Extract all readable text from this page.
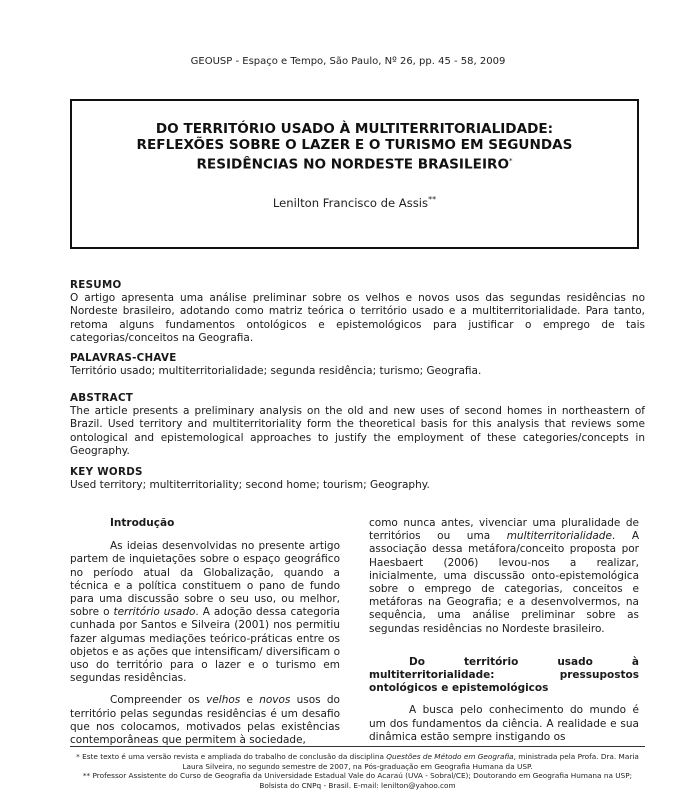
GEOUSP - Espaço e Tempo, São Paulo, Nº 26, pp. 45 - 58, 2009
DO TERRITÓRIO USADO À MULTITERRITORIALIDADE:
REFLEXÕES SOBRE O LAZER E O TURISMO EM SEGUNDAS
RESIDÊNCIAS NO NORDESTE BRASILEIRO*
Lenilton Francisco de Assis**
RESUMO
O artigo apresenta uma análise preliminar sobre os velhos e novos usos das segundas residências no Nordeste brasileiro, adotando como matriz teórica o território usado e a multiterritorialidade. Para tanto, retoma alguns fundamentos ontológicos e epistemológicos para justificar o emprego de tais categorias/conceitos na Geografia.
PALAVRAS-CHAVE
Território usado; multiterritorialidade; segunda residência; turismo; Geografia.
ABSTRACT
The article presents a preliminary analysis on the old and new uses of second homes in northeastern of Brazil. Used territory and multiterritoriality form the theoretical basis for this analysis that reviews some ontological and epistemological approaches to justify the employment of these categories/concepts in Geography.
KEY WORDS
Used territory; multiterritoriality; second home; tourism; Geography.
Introdução

As ideias desenvolvidas no presente artigo partem de inquietações sobre o espaço geográfico no período atual da Globalização, quando a técnica e a política constituem o pano de fundo para uma discussão sobre o seu uso, ou melhor, sobre o território usado. A adoção dessa categoria cunhada por Santos e Silveira (2001) nos permitiu fazer algumas mediações teórico-práticas entre os objetos e as ações que intensificam/ diversificam o uso do território para o lazer e o turismo em segundas residências.

Compreender os velhos e novos usos do território pelas segundas residências é um desafio que nos colocamos, motivados pelas existências contemporâneas que permitem à sociedade,

como nunca antes, vivenciar uma pluralidade de territórios ou uma multiterritorialidade. A associação dessa metáfora/conceito proposta por Haesbaert (2006) levou-nos a realizar, inicialmente, uma discussão onto-epistemológica sobre o emprego de categorias, conceitos e metáforas na Geografia; e a desenvolvermos, na sequência, uma análise preliminar sobre as segundas residências no Nordeste brasileiro.

Do território usado à multiterritorialidade: pressupostos ontológicos e epistemológicos

A busca pelo conhecimento do mundo é um dos fundamentos da ciência. A realidade e sua dinâmica estão sempre instigando os

* Este texto é uma versão revista e ampliada do trabalho de conclusão da disciplina Questões de Método em Geografia, ministrada pela Profa. Dra. Maria Laura Silveira, no segundo semestre de 2007, na Pós-graduação em Geografia Humana da USP.
** Professor Assistente do Curso de Geografia da Universidade Estadual Vale do Acaraú (UVA - Sobral/CE); Doutorando em Geografia Humana na USP; Bolsista do CNPq - Brasil. E-mail: lenilton@yahoo.com
